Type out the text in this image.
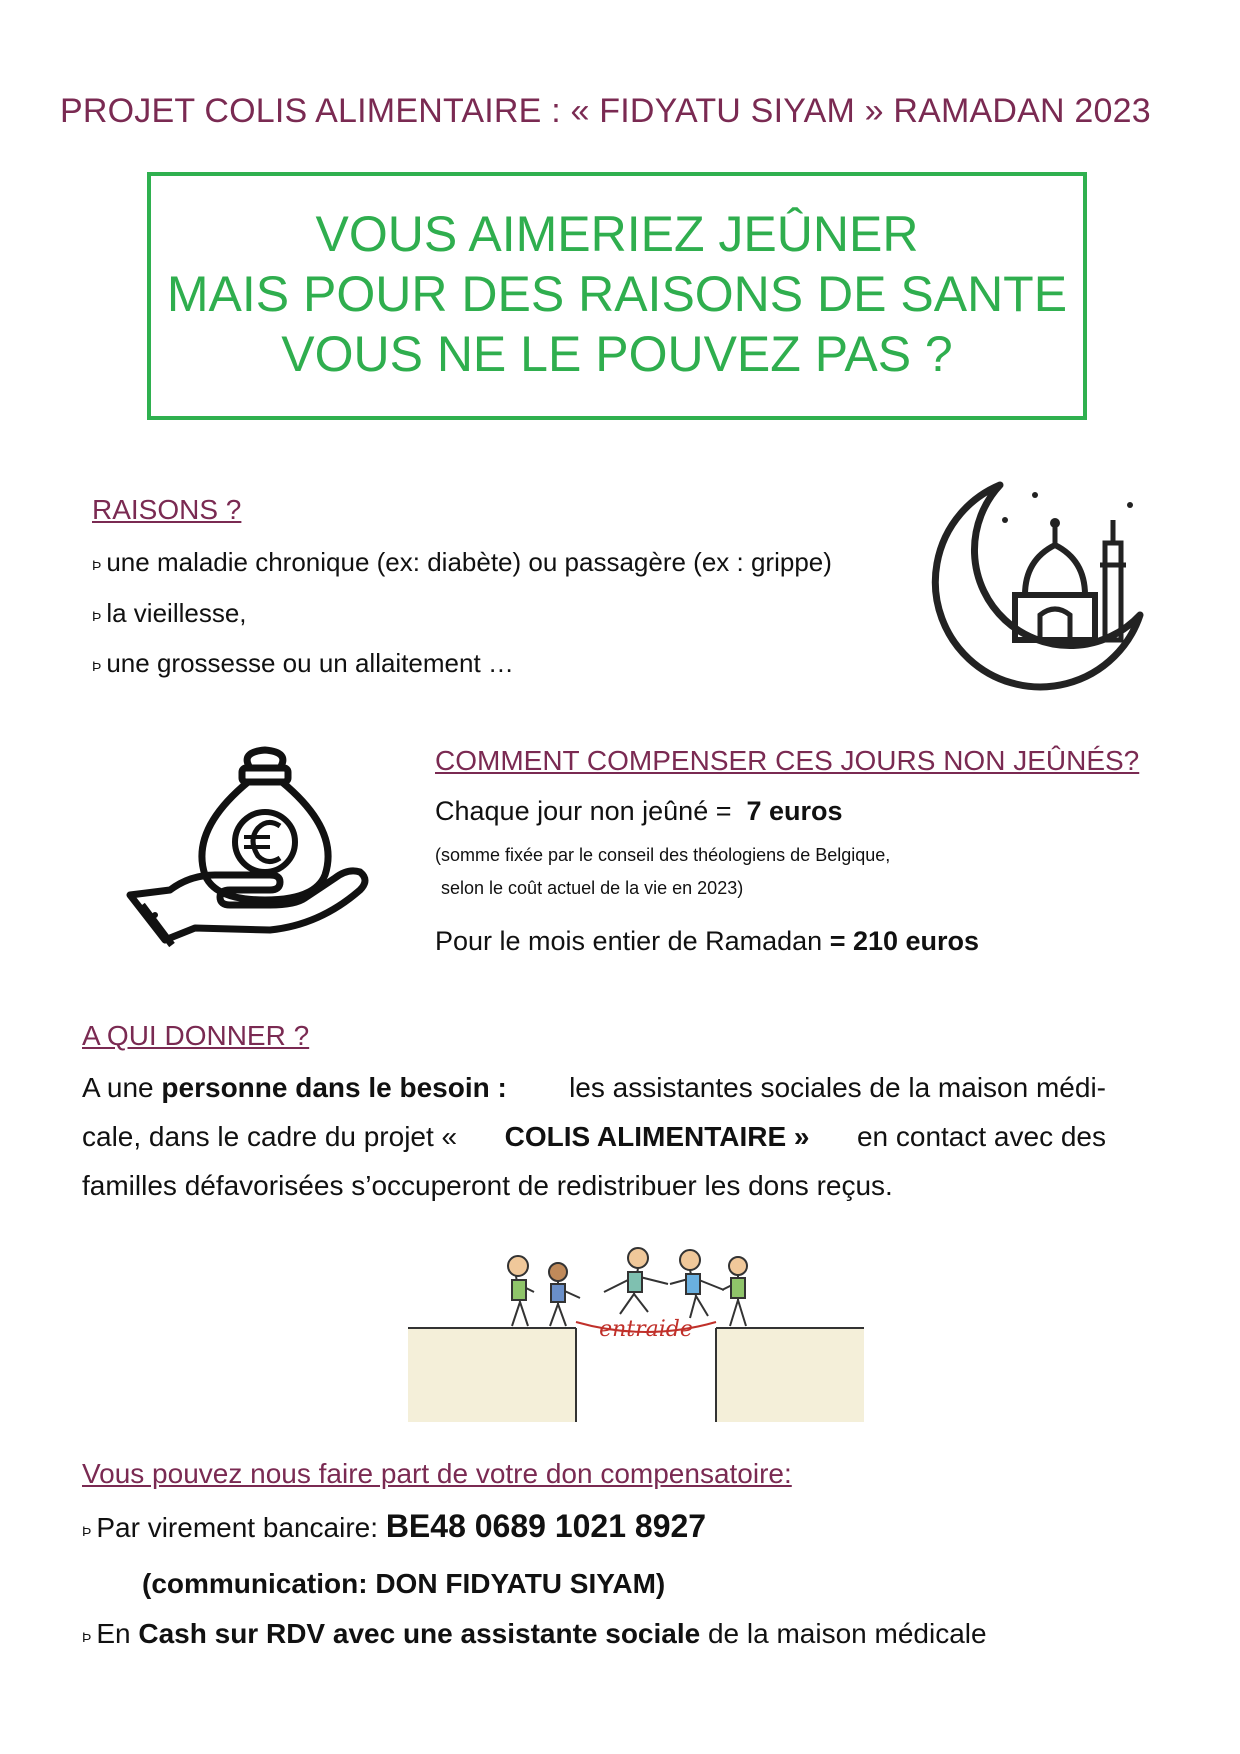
PROJET COLIS ALIMENTAIRE : « FIDYATU SIYAM » RAMADAN 2023
VOUS AIMERIEZ JEÛNER
MAIS POUR DES RAISONS DE SANTE
VOUS NE LE POUVEZ PAS ?
RAISONS ?
Þ une maladie chronique (ex: diabète) ou passagère (ex : grippe)
Þ la vieillesse,
Þ une grossesse ou un allaitement …
COMMENT COMPENSER CES JOURS NON JEÛNÉS?
Chaque jour non jeûné = 7 euros
(somme fixée par le conseil des théologiens de Belgique,
selon le coût actuel de la vie en 2023)
Pour le mois entier de Ramadan = 210 euros
A QUI DONNER ?
A une personne dans le besoin : les assistantes sociales de la maison médi-
cale, dans le cadre du projet « COLIS ALIMENTAIRE » en contact avec des
familles défavorisées s’occuperont de redistribuer les dons reçus.
entraide
Vous pouvez nous faire part de votre don compensatoire:
Þ Par virement bancaire: BE48 0689 1021 8927
(communication: DON FIDYATU SIYAM)
Þ En Cash sur RDV avec une assistante sociale de la maison médicale
